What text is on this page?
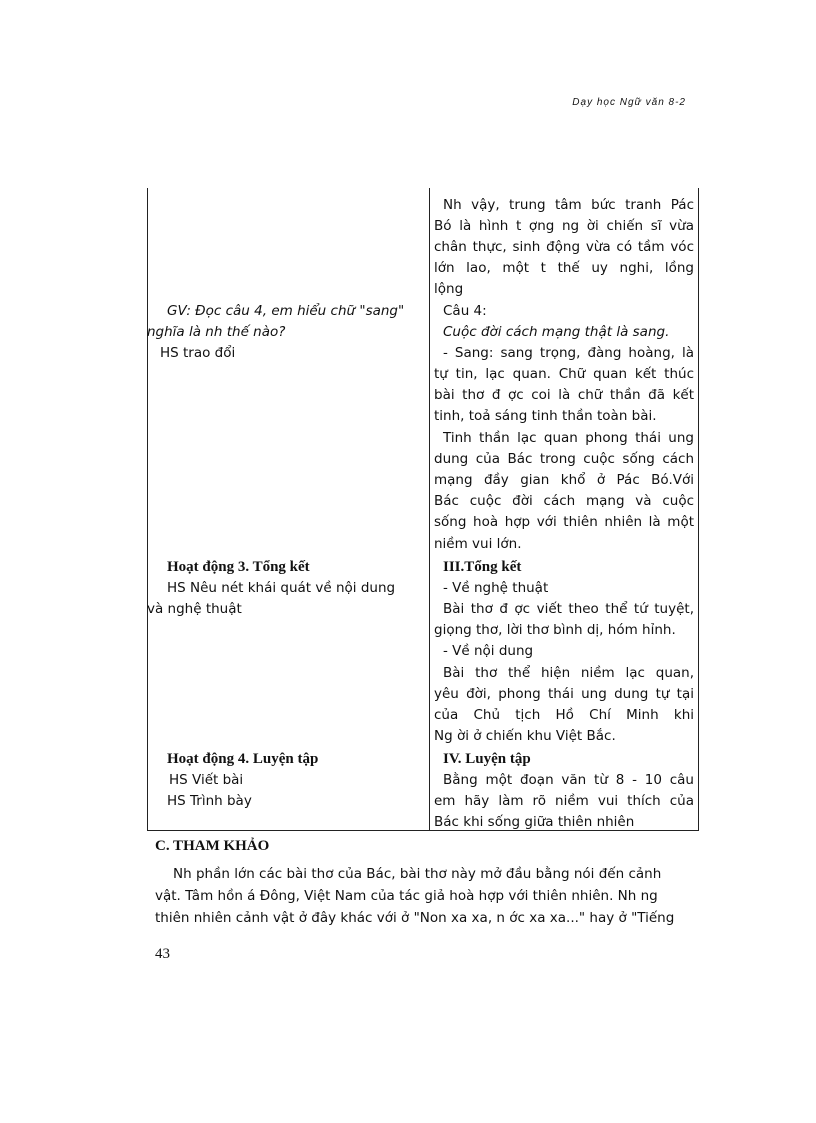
Dạy học Ngữ văn 8-2
GV: Đọc câu 4, em hiểu chữ "sang"
nghĩa là nh thế nào?
HS trao đổi
Hoạt động 3. Tổng kết
HS Nêu nét khái quát về nội dung
và nghệ thuật
Hoạt động 4. Luyện tập
HS Viết bài
HS Trình bày
Nh vậy, trung tâm bức tranh Pác
Bó là hình t ợng ng ời chiến sĩ vừa
chân thực, sinh động vừa có tầm vóc
lớn lao, một t thế uy nghi, lồng
lộng
Câu 4:
Cuộc đời cách mạng thật là sang.
- Sang: sang trọng, đàng hoàng, là
tự tin, lạc quan. Chữ quan kết thúc
bài thơ đ ợc coi là chữ thần đã kết
tinh, toả sáng tinh thần toàn bài.
Tinh thần lạc quan phong thái ung
dung của Bác trong cuộc sống cách
mạng đầy gian khổ ở Pác Bó.Với
Bác cuộc đời cách mạng và cuộc
sống hoà hợp với thiên nhiên là một
niềm vui lớn.
III.Tổng kết
- Về nghệ thuật
Bài thơ đ ợc viết theo thể tứ tuyệt,
giọng thơ, lời thơ bình dị, hóm hỉnh.
- Về nội dung
Bài thơ thể hiện niềm lạc quan,
yêu đời, phong thái ung dung tự tại
của Chủ tịch Hồ Chí Minh khi
Ng ời ở chiến khu Việt Bắc.
IV. Luyện tập
Bằng một đoạn văn từ 8 - 10 câu
em hãy làm rõ niềm vui thích của
Bác khi sống giữa thiên nhiên
C. THAM KHẢO
Nh phần lớn các bài thơ của Bác, bài thơ này mở đầu bằng nói đến cảnh
vật. Tâm hồn á Đông, Việt Nam của tác giả hoà hợp với thiên nhiên. Nh ng
thiên nhiên cảnh vật ở đây khác với ở "Non xa xa, n ớc xa xa..." hay ở "Tiếng
43
